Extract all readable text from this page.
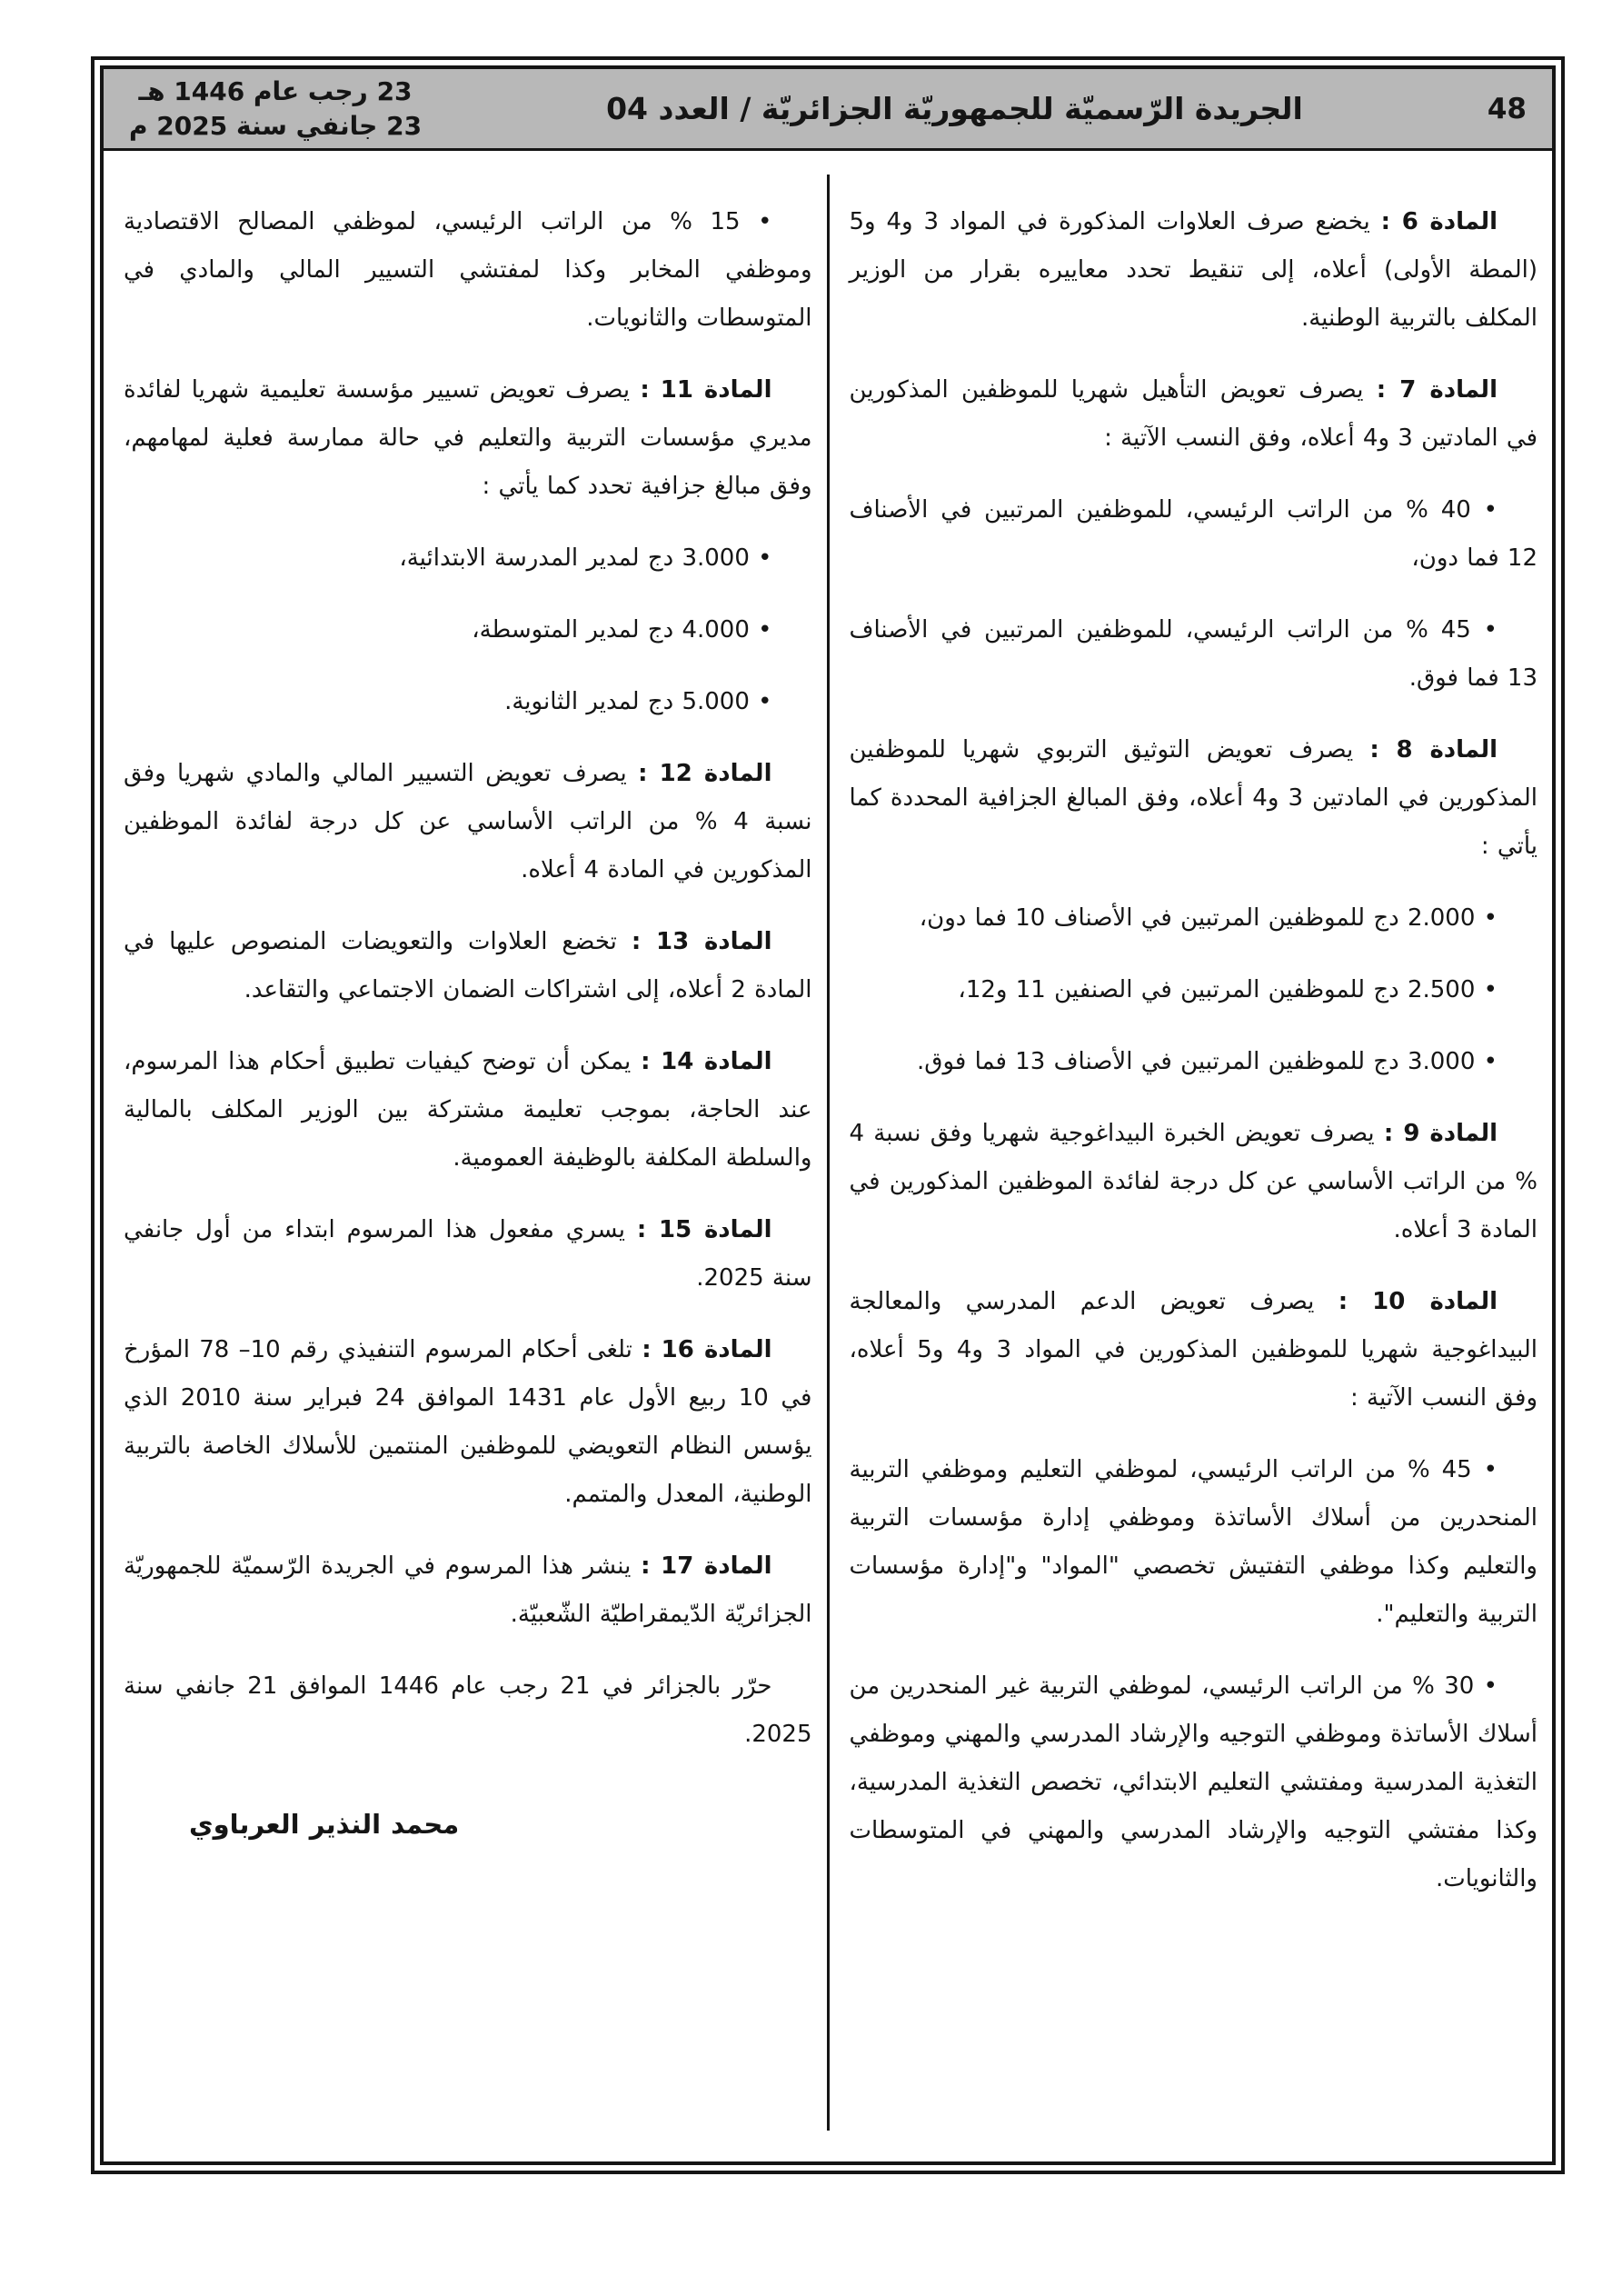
48
الجريدة الرّسميّة للجمهوريّة الجزائريّة / العدد 04
23 رجب عام 1446 هـ
23 جانفي سنة 2025 م

المادة 6 : يخضع صرف العلاوات المذكورة في المواد 3 و4 و5 (المطة الأولى) أعلاه، إلى تنقيط تحدد معاييره بقرار من الوزير المكلف بالتربية الوطنية.

المادة 7 : يصرف تعويض التأهيل شهريا للموظفين المذكورين في المادتين 3 و4 أعلاه، وفق النسب الآتية :

• 40 % من الراتب الرئيسي، للموظفين المرتبين في الأصناف 12 فما دون،

• 45 % من الراتب الرئيسي، للموظفين المرتبين في الأصناف 13 فما فوق.

المادة 8 : يصرف تعويض التوثيق التربوي شهريا للموظفين المذكورين في المادتين 3 و4 أعلاه، وفق المبالغ الجزافية المحددة كما يأتي :

• 2.000 دج للموظفين المرتبين في الأصناف 10 فما دون،

• 2.500 دج للموظفين المرتبين في الصنفين 11 و12،

• 3.000 دج للموظفين المرتبين في الأصناف 13 فما فوق.

المادة 9 : يصرف تعويض الخبرة البيداغوجية شهريا وفق نسبة 4 % من الراتب الأساسي عن كل درجة لفائدة الموظفين المذكورين في المادة 3 أعلاه.

المادة 10 : يصرف تعويض الدعم المدرسي والمعالجة البيداغوجية شهريا للموظفين المذكورين في المواد 3 و4 و5 أعلاه، وفق النسب الآتية :

• 45 % من الراتب الرئيسي، لموظفي التعليم وموظفي التربية المنحدرين من أسلاك الأساتذة وموظفي إدارة مؤسسات التربية والتعليم وكذا موظفي التفتيش تخصصي "المواد" و"إدارة مؤسسات التربية والتعليم".

• 30 % من الراتب الرئيسي، لموظفي التربية غير المنحدرين من أسلاك الأساتذة وموظفي التوجيه والإرشاد المدرسي والمهني وموظفي التغذية المدرسية ومفتشي التعليم الابتدائي، تخصص التغذية المدرسية، وكذا مفتشي التوجيه والإرشاد المدرسي والمهني في المتوسطات والثانويات.

• 15 % من الراتب الرئيسي، لموظفي المصالح الاقتصادية وموظفي المخابر وكذا لمفتشي التسيير المالي والمادي في المتوسطات والثانويات.

المادة 11 : يصرف تعويض تسيير مؤسسة تعليمية شهريا لفائدة مديري مؤسسات التربية والتعليم في حالة ممارسة فعلية لمهامهم، وفق مبالغ جزافية تحدد كما يأتي :

• 3.000 دج لمدير المدرسة الابتدائية،

• 4.000 دج لمدير المتوسطة،

• 5.000 دج لمدير الثانوية.

المادة 12 : يصرف تعويض التسيير المالي والمادي شهريا وفق نسبة 4 % من الراتب الأساسي عن كل درجة لفائدة الموظفين المذكورين في المادة 4 أعلاه.

المادة 13 : تخضع العلاوات والتعويضات المنصوص عليها في المادة 2 أعلاه، إلى اشتراكات الضمان الاجتماعي والتقاعد.

المادة 14 : يمكن أن توضح كيفيات تطبيق أحكام هذا المرسوم، عند الحاجة، بموجب تعليمة مشتركة بين الوزير المكلف بالمالية والسلطة المكلفة بالوظيفة العمومية.

المادة 15 : يسري مفعول هذا المرسوم ابتداء من أول جانفي سنة 2025.

المادة 16 : تلغى أحكام المرسوم التنفيذي رقم 10– 78 المؤرخ في 10 ربيع الأول عام 1431 الموافق 24 فبراير سنة 2010 الذي يؤسس النظام التعويضي للموظفين المنتمين للأسلاك الخاصة بالتربية الوطنية، المعدل والمتمم.

المادة 17 : ينشر هذا المرسوم في الجريدة الرّسميّة للجمهوريّة الجزائريّة الدّيمقراطيّة الشّعبيّة.

حرّر بالجزائر في 21 رجب عام 1446 الموافق 21 جانفي سنة 2025.

محمد النذير العرباوي
